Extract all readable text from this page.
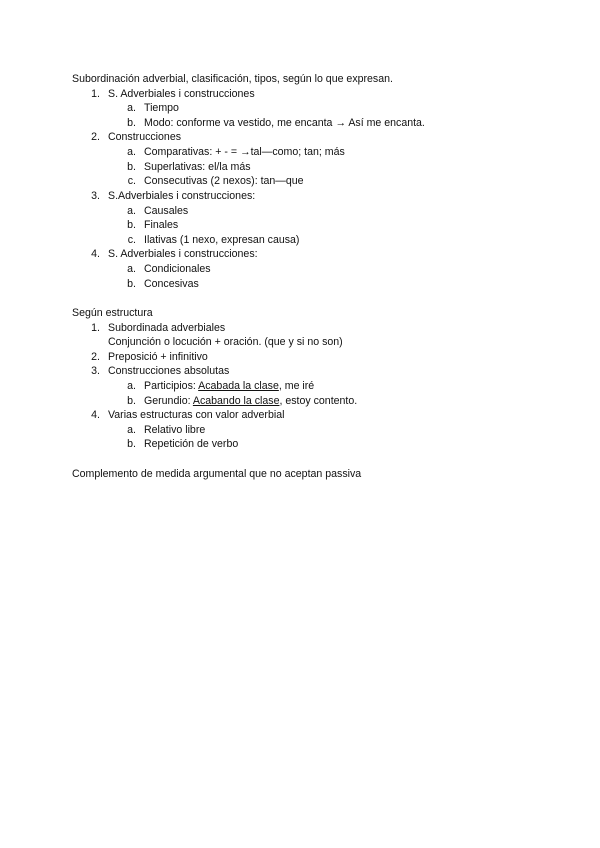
Subordinación adverbial, clasificación, tipos, según lo que expresan.
1. S. Adverbiales i construcciones
a. Tiempo
b. Modo: conforme va vestido, me encanta → Así me encanta.
2. Construcciones
a. Comparativas: + - = →tal—como; tan; más
b. Superlativas: el/la más
c. Consecutivas (2 nexos): tan—que
3. S.Adverbiales i construcciones:
a. Causales
b. Finales
c. Ilativas (1 nexo, expresan causa)
4. S. Adverbiales i construcciones:
a. Condicionales
b. Concesivas
Según estructura
1. Subordinada adverbiales
Conjunción o locución + oración. (que y si no son)
2. Preposició + infinitivo
3. Construcciones absolutas
a. Participios: Acabada la clase, me iré
b. Gerundio: Acabando la clase, estoy contento.
4. Varias estructuras con valor adverbial
a. Relativo libre
b. Repetición de verbo
Complemento de medida argumental que no aceptan passiva
